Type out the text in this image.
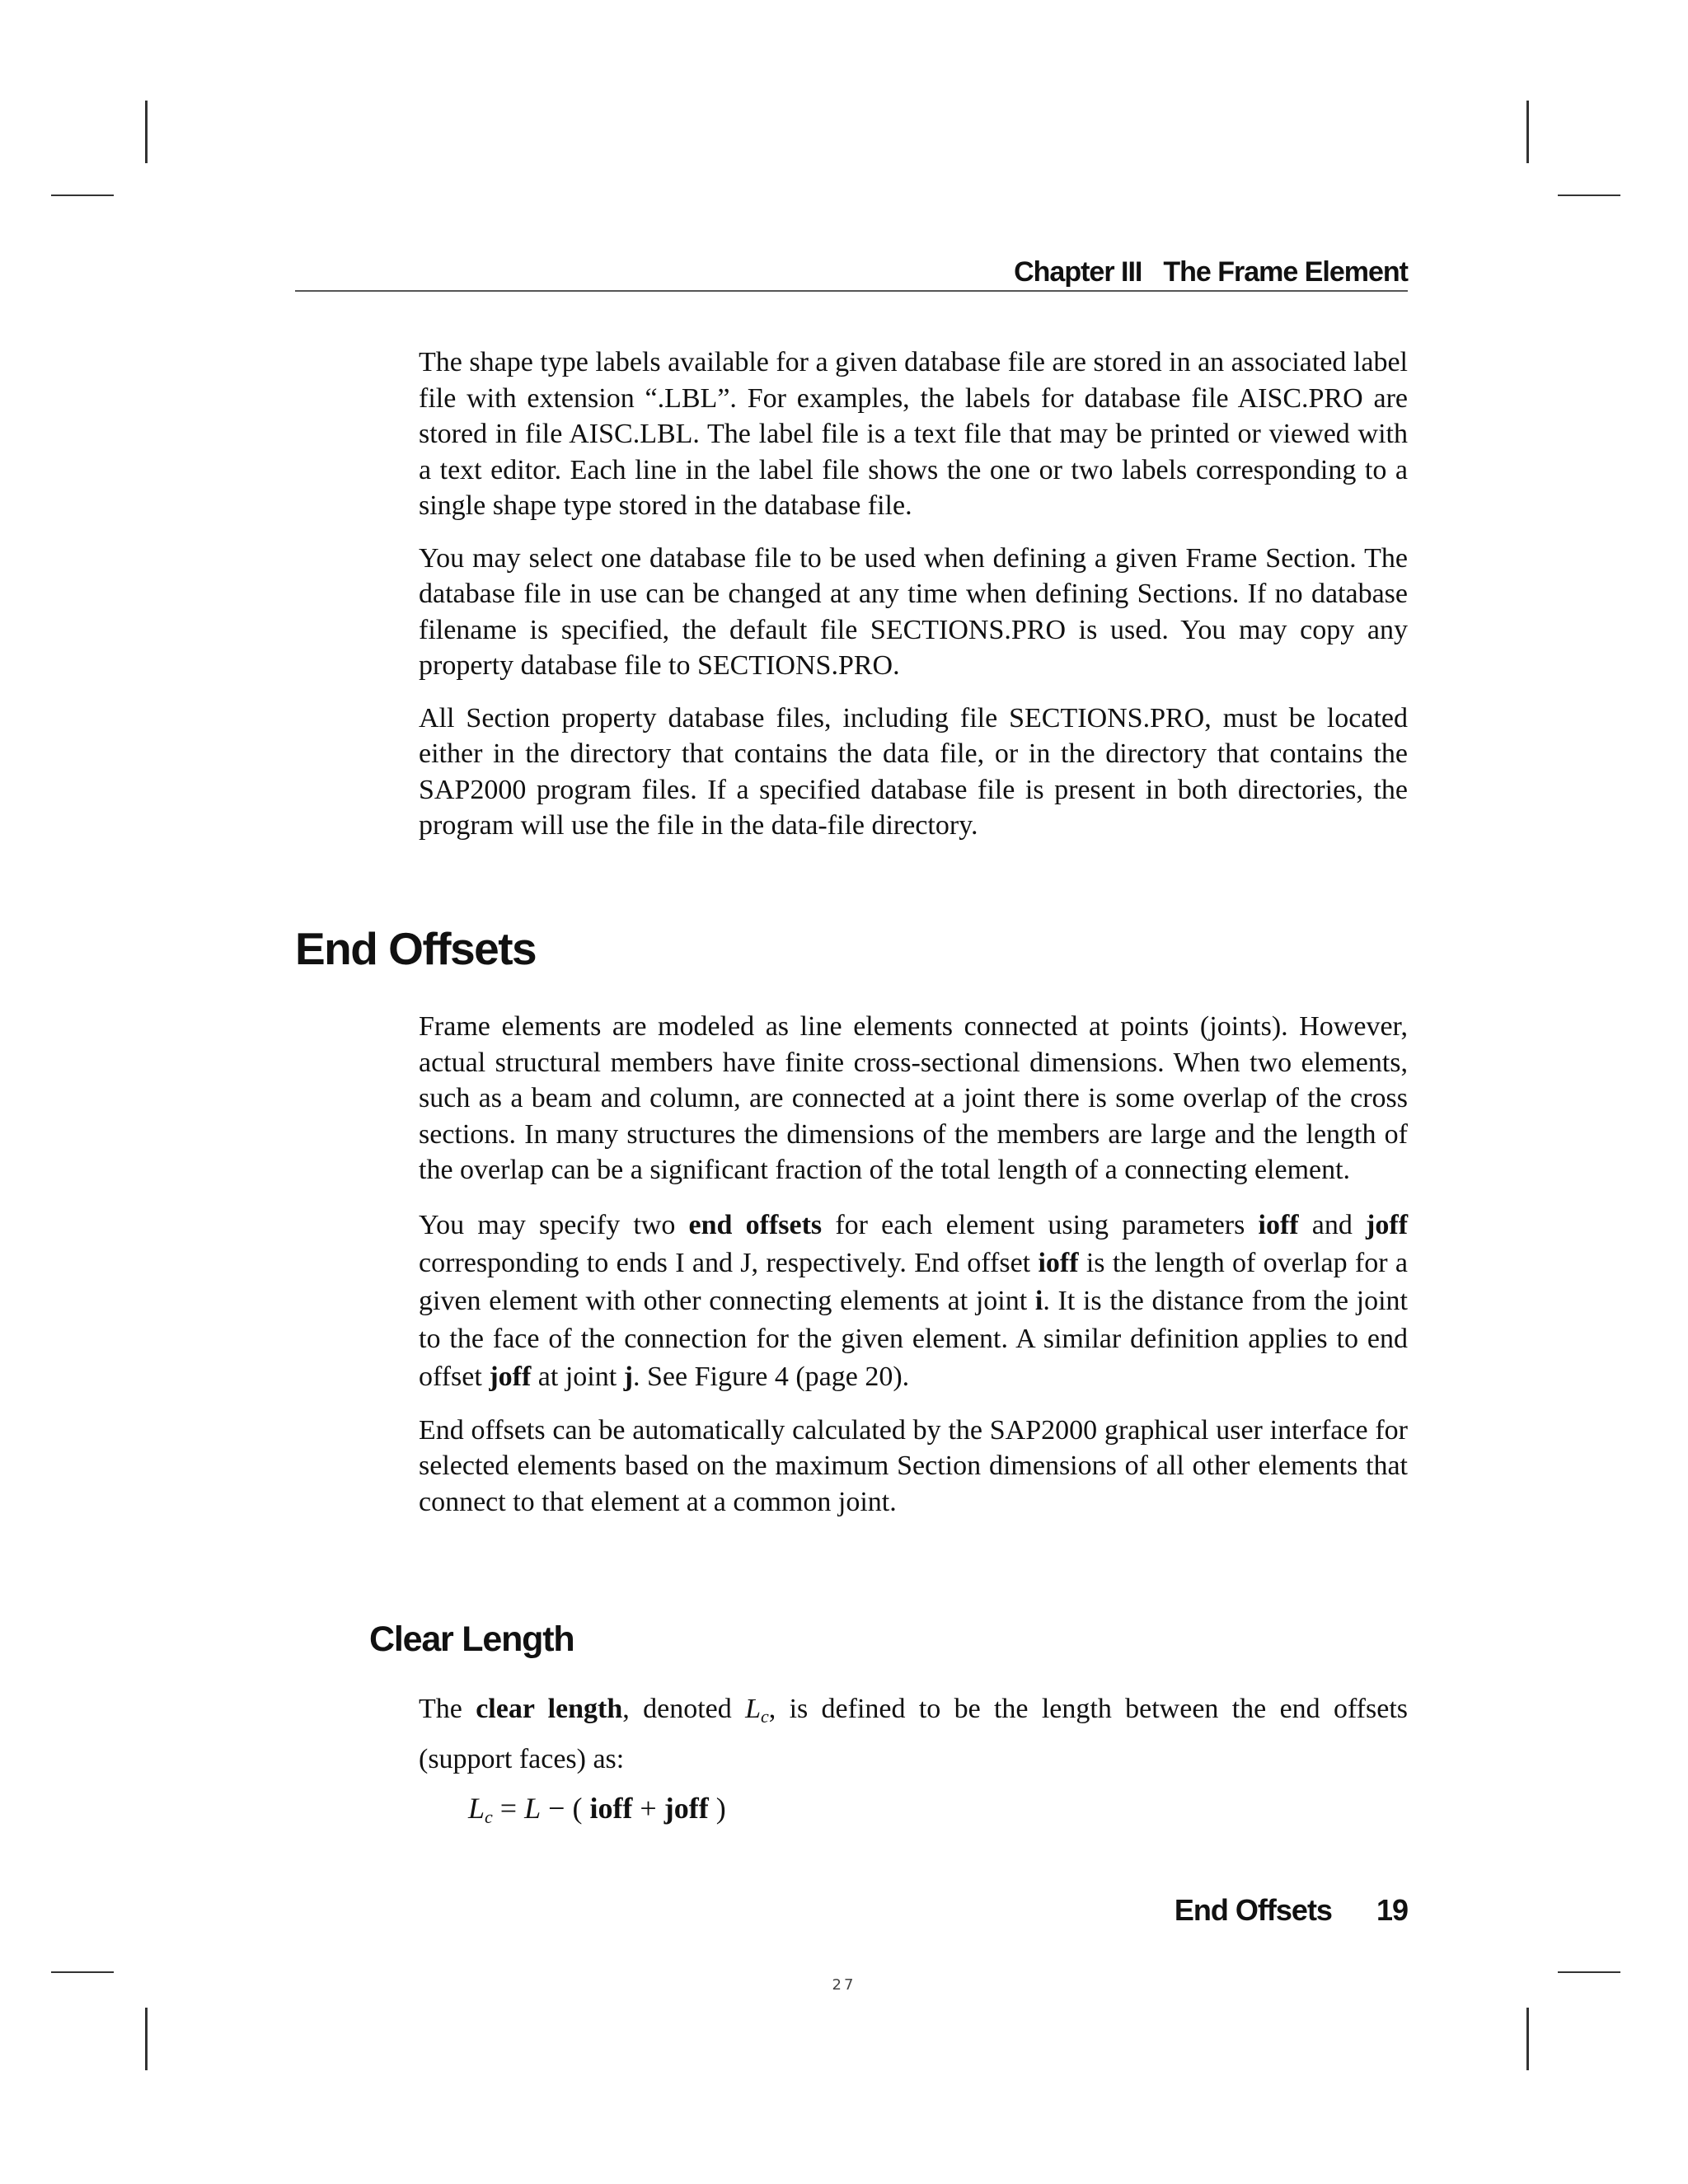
Chapter III The Frame Element

The shape type labels available for a given database file are stored in an associated label file with extension “.LBL”. For examples, the labels for database file AISC.PRO are stored in file AISC.LBL. The label file is a text file that may be printed or viewed with a text editor. Each line in the label file shows the one or two labels corresponding to a single shape type stored in the database file.

You may select one database file to be used when defining a given Frame Section. The database file in use can be changed at any time when defining Sections. If no database filename is specified, the default file SECTIONS.PRO is used. You may copy any property database file to SECTIONS.PRO.

All Section property database files, including file SECTIONS.PRO, must be located either in the directory that contains the data file, or in the directory that contains the SAP2000 program files. If a specified database file is present in both directories, the program will use the file in the data-file directory.

End Offsets

Frame elements are modeled as line elements connected at points (joints). However, actual structural members have finite cross-sectional dimensions. When two elements, such as a beam and column, are connected at a joint there is some overlap of the cross sections. In many structures the dimensions of the members are large and the length of the overlap can be a significant fraction of the total length of a connecting element.

You may specify two end offsets for each element using parameters ioff and joff corresponding to ends I and J, respectively. End offset ioff is the length of overlap for a given element with other connecting elements at joint i. It is the distance from the joint to the face of the connection for the given element. A similar definition applies to end offset joff at joint j. See Figure 4 (page 20).

End offsets can be automatically calculated by the SAP2000 graphical user interface for selected elements based on the maximum Section dimensions of all other elements that connect to that element at a common joint.

Clear Length

The clear length, denoted $L_c$, is defined to be the length between the end offsets (support faces) as:

$L_c = L$ − ( ioff + joff )
End Offsets 19
27
